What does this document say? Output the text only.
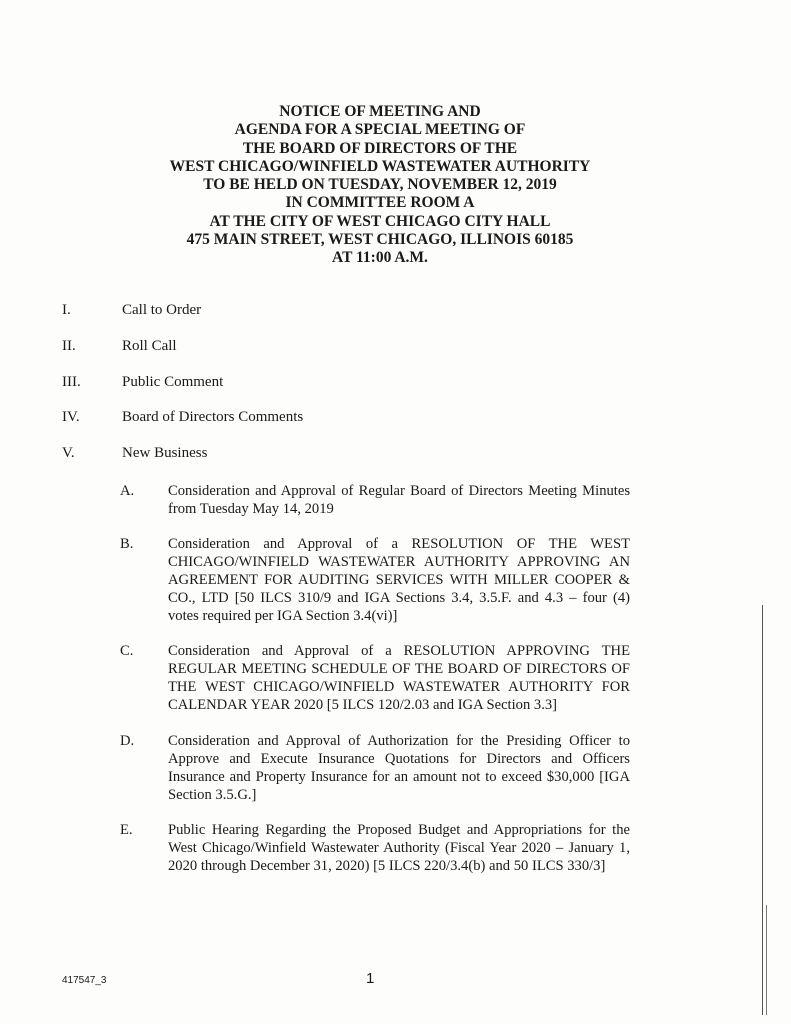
NOTICE OF MEETING AND
AGENDA FOR A SPECIAL MEETING OF
THE BOARD OF DIRECTORS OF THE
WEST CHICAGO/WINFIELD WASTEWATER AUTHORITY
TO BE HELD ON TUESDAY, NOVEMBER 12, 2019
IN COMMITTEE ROOM A
AT THE CITY OF WEST CHICAGO CITY HALL
475 MAIN STREET, WEST CHICAGO, ILLINOIS 60185
AT 11:00 A.M.
I.	Call to Order
II.	Roll Call
III.	Public Comment
IV.	Board of Directors Comments
V.	New Business
A.	Consideration and Approval of Regular Board of Directors Meeting Minutes from Tuesday May 14, 2019
B.	Consideration and Approval of a RESOLUTION OF THE WEST CHICAGO/WINFIELD WASTEWATER AUTHORITY APPROVING AN AGREEMENT FOR AUDITING SERVICES WITH MILLER COOPER & CO., LTD [50 ILCS 310/9 and IGA Sections 3.4, 3.5.F. and 4.3 – four (4) votes required per IGA Section 3.4(vi)]
C.	Consideration and Approval of a RESOLUTION APPROVING THE REGULAR MEETING SCHEDULE OF THE BOARD OF DIRECTORS OF THE WEST CHICAGO/WINFIELD WASTEWATER AUTHORITY FOR CALENDAR YEAR 2020 [5 ILCS 120/2.03 and IGA Section 3.3]
D.	Consideration and Approval of Authorization for the Presiding Officer to Approve and Execute Insurance Quotations for Directors and Officers Insurance and Property Insurance for an amount not to exceed $30,000 [IGA Section 3.5.G.]
E.	Public Hearing Regarding the Proposed Budget and Appropriations for the West Chicago/Winfield Wastewater Authority (Fiscal Year 2020 – January 1, 2020 through December 31, 2020) [5 ILCS 220/3.4(b) and 50 ILCS 330/3]
417547_3	1
